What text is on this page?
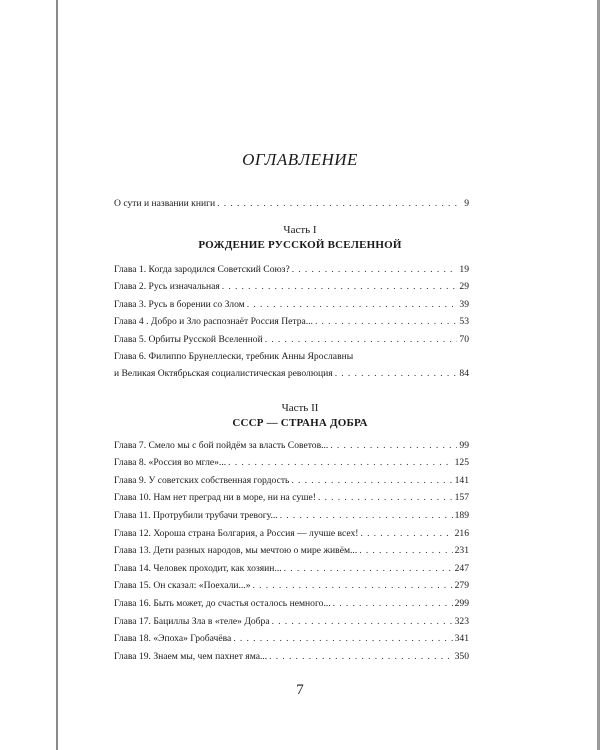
ОГЛАВЛЕНИЕ
О сути и названии книги . . .	9
Часть I
РОЖДЕНИЕ РУССКОЙ ВСЕЛЕННОЙ
Глава 1. Когда зародился Советский Союз? . . .	19
Глава 2. Русь изначальная . . .	29
Глава 3. Русь в борении со Злом . . .	39
Глава 4 . Добро и Зло распознаёт Россия Петра... . . .	53
Глава 5. Орбиты Русской Вселенной . . .	70
Глава 6. Филиппо Брунеллески, требник Анны Ярославны
и Великая Октябрьская социалистическая революция . . .	84
Часть II
СССР — СТРАНА ДОБРА
Глава 7. Смело мы с бой пойдём за власть Советов... . . .	99
Глава 8. «Россия во мгле»... . . .	125
Глава 9. У советских собственная гордость . . .	141
Глава 10. Нам нет преград ни в море, ни на суше! . . .	157
Глава 11. Протрубили трубачи тревогу... . . .	189
Глава 12. Хороша страна Болгария, а Россия — лучше всех! . . .	216
Глава 13. Дети разных народов, мы мечтою о мире живём... . . .	231
Глава 14. Человек проходит, как хозяин... . . .	247
Глава 15. Он сказал: «Поехали...» . . .	279
Глава 16. Быть может, до счастья осталось немного... . . .	299
Глава 17. Бациллы Зла в «теле» Добра . . .	323
Глава 18. «Эпоха» Гробачёва . . .	341
Глава 19. Знаем мы, чем пахнет яма... . . .	350
7
